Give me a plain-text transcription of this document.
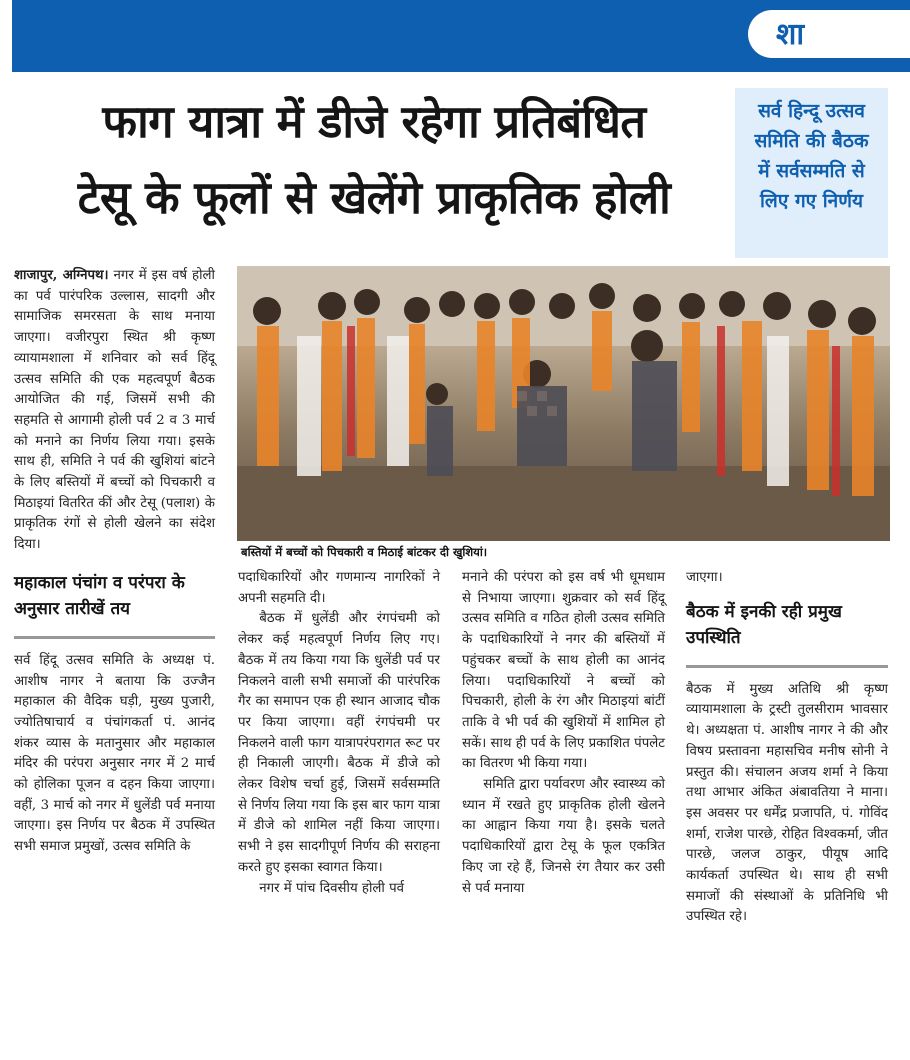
शा
फाग यात्रा में डीजे रहेगा प्रतिबंधित
टेसू के फूलों से खेलेंगे प्राकृतिक होली
सर्व हिन्दू उत्सव
समिति की बैठक
में सर्वसम्मति से
लिए गए निर्णय

शाजापुर, अग्निपथ। नगर में इस वर्ष होली का पर्व पारंपरिक उल्लास, सादगी और सामाजिक समरसता के साथ मनाया जाएगा। वजीरपुरा स्थित श्री कृष्ण व्यायामशाला में शनिवार को सर्व हिंदू उत्सव समिति की एक महत्वपूर्ण बैठक आयोजित की गई, जिसमें सभी की सहमति से आगामी होली पर्व 2 व 3 मार्च को मनाने का निर्णय लिया गया। इसके साथ ही, समिति ने पर्व की खुशियां बांटने के लिए बस्तियों में बच्चों को पिचकारी व मिठाइयां वितरित कीं और टेसू (पलाश) के प्राकृतिक रंगों से होली खेलने का संदेश दिया।

महाकाल पंचांग व परंपरा के अनुसार तारीखें तय

सर्व हिंदू उत्सव समिति के अध्यक्ष पं. आशीष नागर ने बताया कि उज्जैन महाकाल की वैदिक घड़ी, मुख्य पुजारी, ज्योतिषाचार्य व पंचांगकर्ता पं. आनंद शंकर व्यास के मतानुसार और महाकाल मंदिर की परंपरा अनुसार नगर में 2 मार्च को होलिका पूजन व दहन किया जाएगा। वहीं, 3 मार्च को नगर में धुलेंडी पर्व मनाया जाएगा। इस निर्णय पर बैठक में उपस्थित सभी समाज प्रमुखों, उत्सव समिति के

बस्तियों में बच्चों को पिचकारी व मिठाई बांटकर दी खुशियां।

पदाधिकारियों और गणमान्य नागरिकों ने अपनी सहमति दी।

बैठक में धुलेंडी और रंगपंचमी को लेकर कई महत्वपूर्ण निर्णय लिए गए। बैठक में तय किया गया कि धुलेंडी पर्व पर निकलने वाली सभी समाजों की पारंपरिक गैर का समापन एक ही स्थान आजाद चौक पर किया जाएगा। वहीं रंगपंचमी पर निकलने वाली फाग यात्रापरंपरागत रूट पर ही निकाली जाएगी। बैठक में डीजे को लेकर विशेष चर्चा हुई, जिसमें सर्वसम्मति से निर्णय लिया गया कि इस बार फाग यात्रा में डीजे को शामिल नहीं किया जाएगा। सभी ने इस सादगीपूर्ण निर्णय की सराहना करते हुए इसका स्वागत किया।

नगर में पांच दिवसीय होली पर्व

मनाने की परंपरा को इस वर्ष भी धूमधाम से निभाया जाएगा। शुक्रवार को सर्व हिंदू उत्सव समिति व गठित होली उत्सव समिति के पदाधिकारियों ने नगर की बस्तियों में पहुंचकर बच्चों के साथ होली का आनंद लिया। पदाधिकारियों ने बच्चों को पिचकारी, होली के रंग और मिठाइयां बांटीं ताकि वे भी पर्व की खुशियों में शामिल हो सकें। साथ ही पर्व के लिए प्रकाशित पंपलेट का वितरण भी किया गया।

समिति द्वारा पर्यावरण और स्वास्थ्य को ध्यान में रखते हुए प्राकृतिक होली खेलने का आह्वान किया गया है। इसके चलते पदाधिकारियों द्वारा टेसू के फूल एकत्रित किए जा रहे हैं, जिनसे रंग तैयार कर उसी से पर्व मनाया

जाएगा।

बैठक में इनकी रही प्रमुख उपस्थिति

बैठक में मुख्य अतिथि श्री कृष्ण व्यायामशाला के ट्रस्टी तुलसीराम भावसार थे। अध्यक्षता पं. आशीष नागर ने की और विषय प्रस्तावना महासचिव मनीष सोनी ने प्रस्तुत की। संचालन अजय शर्मा ने किया तथा आभार अंकित अंबावतिया ने माना। इस अवसर पर धर्मेंद्र प्रजापति, पं. गोविंद शर्मा, राजेश पारछे, रोहित विश्वकर्मा, जीत पारछे, जलज ठाकुर, पीयूष आदि कार्यकर्ता उपस्थित थे। साथ ही सभी समाजों की संस्थाओं के प्रतिनिधि भी उपस्थित रहे।
